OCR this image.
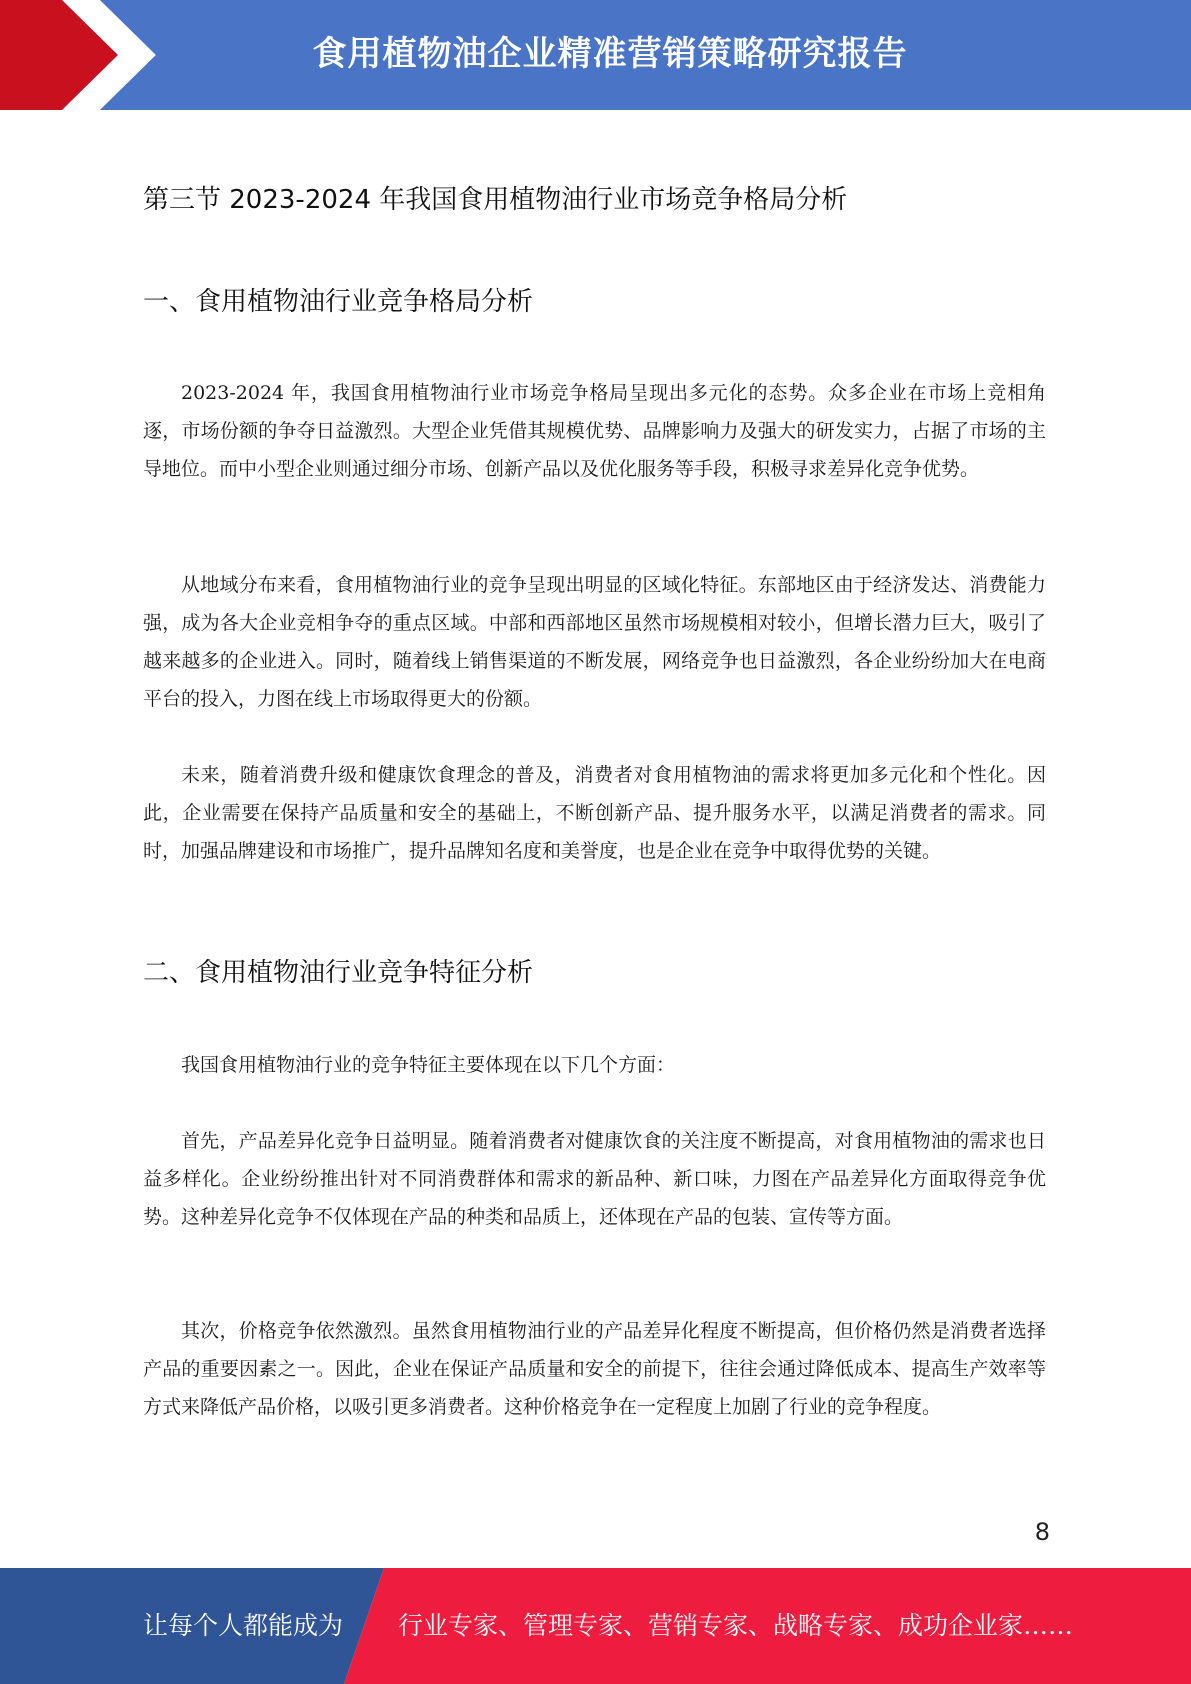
食用植物油企业精准营销策略研究报告
第三节 2023-2024 年我国食用植物油行业市场竞争格局分析
一、食用植物油行业竞争格局分析

2023-2024 年，我国食用植物油行业市场竞争格局呈现出多元化的态势。众多企业在市场上竞相角逐，市场份额的争夺日益激烈。大型企业凭借其规模优势、品牌影响力及强大的研发实力，占据了市场的主导地位。而中小型企业则通过细分市场、创新产品以及优化服务等手段，积极寻求差异化竞争优势。

从地域分布来看，食用植物油行业的竞争呈现出明显的区域化特征。东部地区由于经济发达、消费能力强，成为各大企业竞相争夺的重点区域。中部和西部地区虽然市场规模相对较小，但增长潜力巨大，吸引了越来越多的企业进入。同时，随着线上销售渠道的不断发展，网络竞争也日益激烈，各企业纷纷加大在电商平台的投入，力图在线上市场取得更大的份额。

未来，随着消费升级和健康饮食理念的普及，消费者对食用植物油的需求将更加多元化和个性化。因此，企业需要在保持产品质量和安全的基础上，不断创新产品、提升服务水平，以满足消费者的需求。同时，加强品牌建设和市场推广，提升品牌知名度和美誉度，也是企业在竞争中取得优势的关键。

二、食用植物油行业竞争特征分析

我国食用植物油行业的竞争特征主要体现在以下几个方面：

首先，产品差异化竞争日益明显。随着消费者对健康饮食的关注度不断提高，对食用植物油的需求也日益多样化。企业纷纷推出针对不同消费群体和需求的新品种、新口味，力图在产品差异化方面取得竞争优势。这种差异化竞争不仅体现在产品的种类和品质上，还体现在产品的包装、宣传等方面。

其次，价格竞争依然激烈。虽然食用植物油行业的产品差异化程度不断提高，但价格仍然是消费者选择产品的重要因素之一。因此，企业在保证产品质量和安全的前提下，往往会通过降低成本、提高生产效率等方式来降低产品价格，以吸引更多消费者。这种价格竞争在一定程度上加剧了行业的竞争程度。

8
让每个人都能成为 行业专家、管理专家、营销专家、战略专家、成功企业家……
